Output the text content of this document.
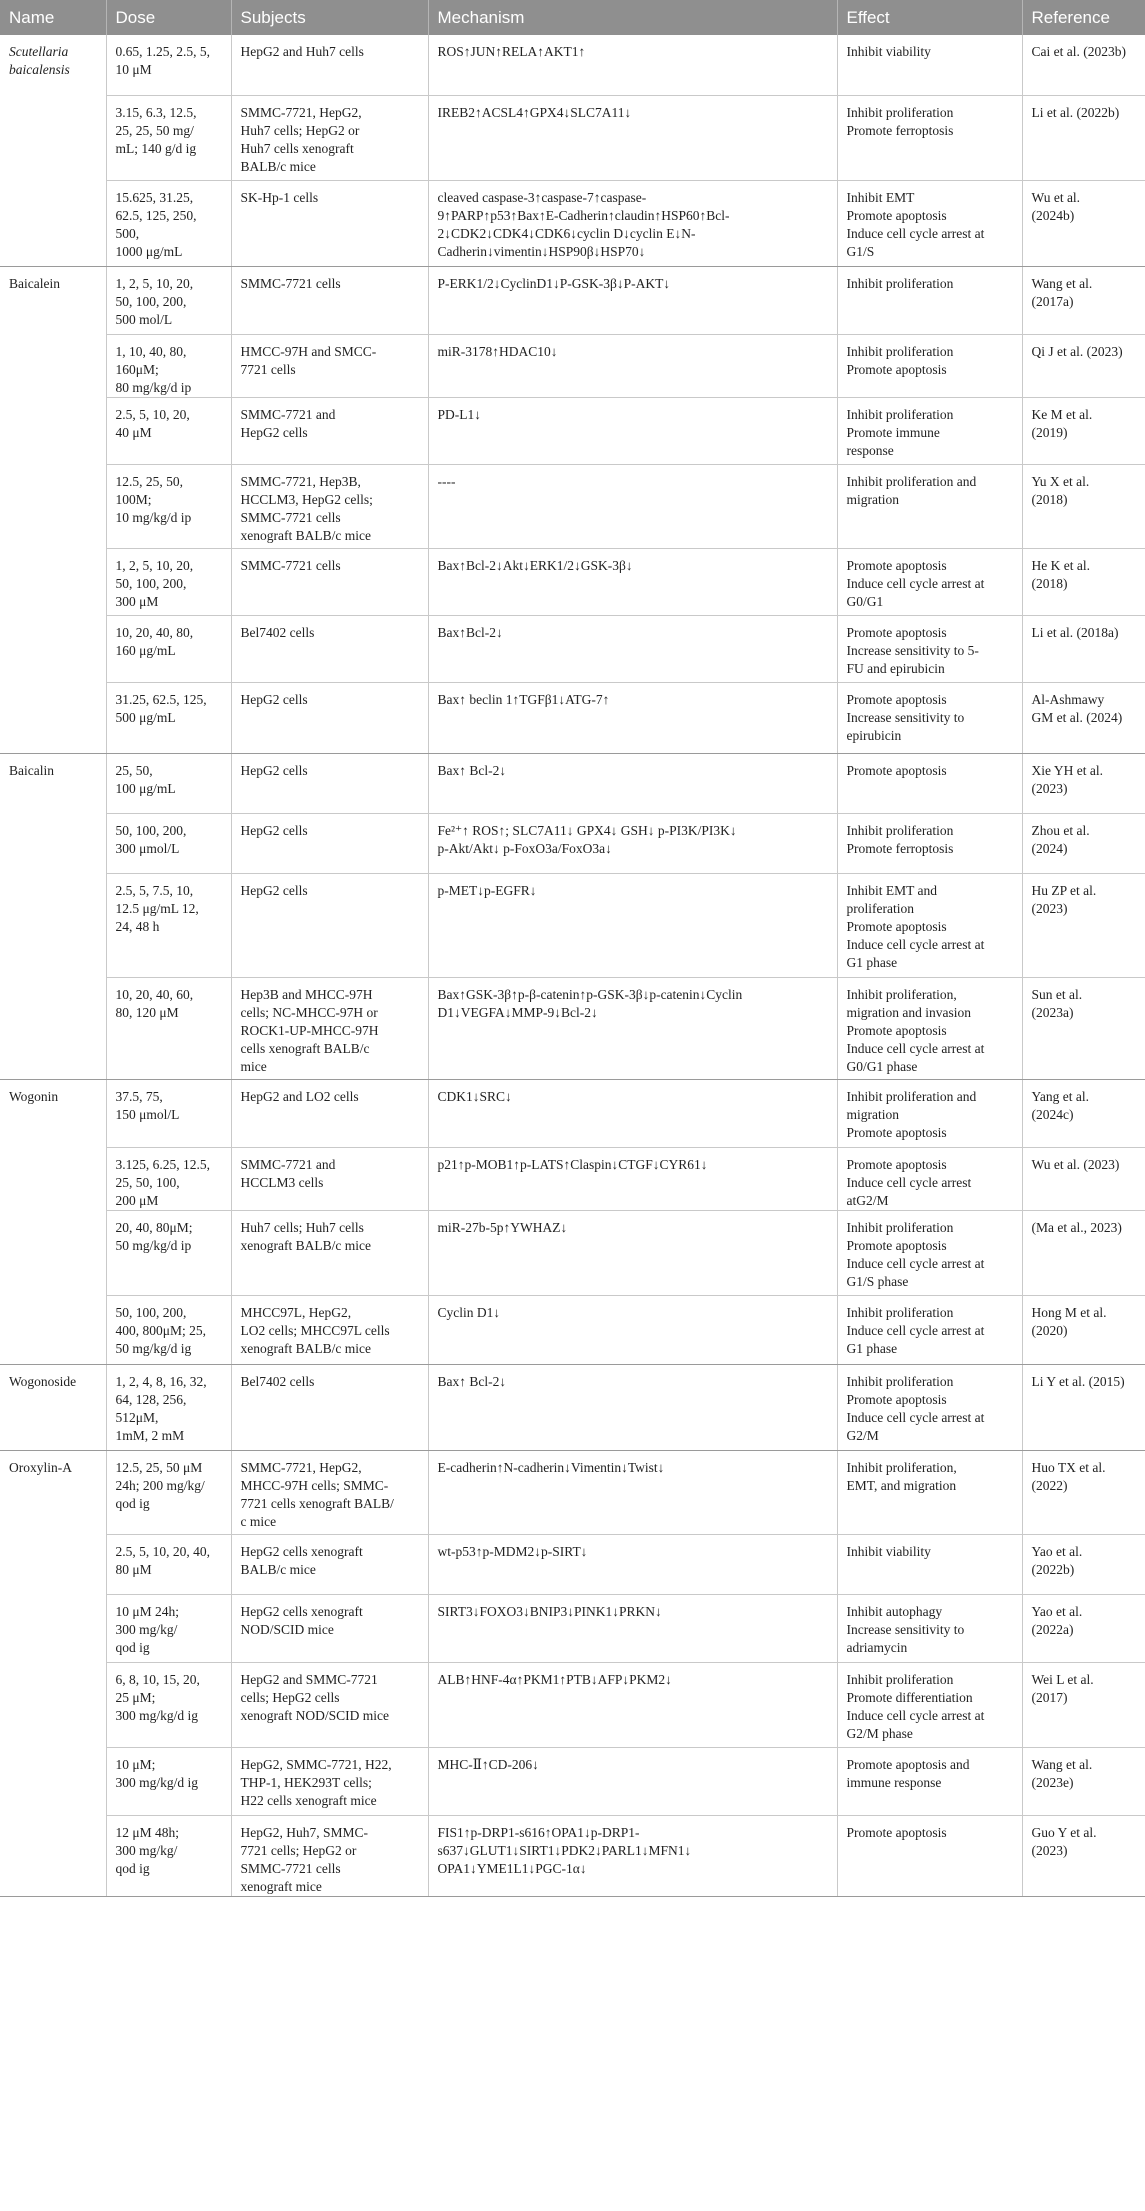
Name	Dose	Subjects	Mechanism	Effect	Reference
Scutellaria baicalensis	0.65, 1.25, 2.5, 5,
10 μM	HepG2 and Huh7 cells	ROS↑JUN↑RELA↑AKT1↑	Inhibit viability	Cai et al. (2023b)
	3.15, 6.3, 12.5,
25, 25, 50 mg/
mL; 140 g/d ig	SMMC-7721, HepG2,
Huh7 cells; HepG2 or
Huh7 cells xenograft
BALB/c mice	IREB2↑ACSL4↑GPX4↓SLC7A11↓	Inhibit proliferation
Promote ferroptosis	Li et al. (2022b)
	15.625, 31.25,
62.5, 125, 250,
500,
1000 μg/mL	SK-Hp-1 cells	cleaved caspase-3↑caspase-7↑caspase-
9↑PARP↑p53↑Bax↑E-Cadherin↑claudin↑HSP60↑Bcl-
2↓CDK2↓CDK4↓CDK6↓cyclin D↓cyclin E↓N-
Cadherin↓vimentin↓HSP90β↓HSP70↓	Inhibit EMT
Promote apoptosis
Induce cell cycle arrest at
G1/S	Wu et al.
(2024b)
Baicalein	1, 2, 5, 10, 20,
50, 100, 200,
500 mol/L	SMMC-7721 cells	P-ERK1/2↓CyclinD1↓P-GSK-3β↓P-AKT↓	Inhibit proliferation	Wang et al.
(2017a)
	1, 10, 40, 80,
160μM;
80 mg/kg/d ip	HMCC-97H and SMCC-
7721 cells	miR-3178↑HDAC10↓	Inhibit proliferation
Promote apoptosis	Qi J et al. (2023)
	2.5, 5, 10, 20,
40 μM	SMMC-7721 and
HepG2 cells	PD-L1↓	Inhibit proliferation
Promote immune
response	Ke M et al.
(2019)
	12.5, 25, 50,
100M;
10 mg/kg/d ip	SMMC-7721, Hep3B,
HCCLM3, HepG2 cells;
SMMC-7721 cells
xenograft BALB/c mice	----	Inhibit proliferation and
migration	Yu X et al.
(2018)
	1, 2, 5, 10, 20,
50, 100, 200,
300 μM	SMMC-7721 cells	Bax↑Bcl-2↓Akt↓ERK1/2↓GSK-3β↓	Promote apoptosis
Induce cell cycle arrest at
G0/G1	He K et al.
(2018)
	10, 20, 40, 80,
160 μg/mL	Bel7402 cells	Bax↑Bcl-2↓	Promote apoptosis
Increase sensitivity to 5-
FU and epirubicin	Li et al. (2018a)
	31.25, 62.5, 125,
500 μg/mL	HepG2 cells	Bax↑ beclin 1↑TGFβ1↓ATG-7↑	Promote apoptosis
Increase sensitivity to
epirubicin	Al-Ashmawy
GM et al. (2024)
Baicalin	25, 50,
100 μg/mL	HepG2 cells	Bax↑ Bcl-2↓	Promote apoptosis	Xie YH et al.
(2023)
	50, 100, 200,
300 μmol/L	HepG2 cells	Fe²⁺↑ ROS↑; SLC7A11↓ GPX4↓ GSH↓ p-PI3K/PI3K↓
p-Akt/Akt↓ p-FoxO3a/FoxO3a↓	Inhibit proliferation
Promote ferroptosis	Zhou et al.
(2024)
	2.5, 5, 7.5, 10,
12.5 μg/mL 12,
24, 48 h	HepG2 cells	p-MET↓p-EGFR↓	Inhibit EMT and
proliferation
Promote apoptosis
Induce cell cycle arrest at
G1 phase	Hu ZP et al.
(2023)
	10, 20, 40, 60,
80, 120 μM	Hep3B and MHCC-97H
cells; NC-MHCC-97H or
ROCK1-UP-MHCC-97H
cells xenograft BALB/c
mice	Bax↑GSK-3β↑p-β-catenin↑p-GSK-3β↓p-catenin↓Cyclin
D1↓VEGFA↓MMP-9↓Bcl-2↓	Inhibit proliferation,
migration and invasion
Promote apoptosis
Induce cell cycle arrest at
G0/G1 phase	Sun et al.
(2023a)
Wogonin	37.5, 75,
150 μmol/L	HepG2 and LO2 cells	CDK1↓SRC↓	Inhibit proliferation and
migration
Promote apoptosis	Yang et al.
(2024c)
	3.125, 6.25, 12.5,
25, 50, 100,
200 μM	SMMC-7721 and
HCCLM3 cells	p21↑p-MOB1↑p-LATS↑Claspin↓CTGF↓CYR61↓	Promote apoptosis
Induce cell cycle arrest
atG2/M	Wu et al. (2023)
	20, 40, 80μM;
50 mg/kg/d ip	Huh7 cells; Huh7 cells
xenograft BALB/c mice	miR-27b-5p↑YWHAZ↓	Inhibit proliferation
Promote apoptosis
Induce cell cycle arrest at
G1/S phase	(Ma et al., 2023)
	50, 100, 200,
400, 800μM; 25,
50 mg/kg/d ig	MHCC97L, HepG2,
LO2 cells; MHCC97L cells
xenograft BALB/c mice	Cyclin D1↓	Inhibit proliferation
Induce cell cycle arrest at
G1 phase	Hong M et al.
(2020)
Wogonoside	1, 2, 4, 8, 16, 32,
64, 128, 256,
512μM,
1mM, 2 mM	Bel7402 cells	Bax↑ Bcl-2↓	Inhibit proliferation
Promote apoptosis
Induce cell cycle arrest at
G2/M	Li Y et al. (2015)
Oroxylin-A	12.5, 25, 50 μM
24h; 200 mg/kg/
qod ig	SMMC-7721, HepG2,
MHCC-97H cells; SMMC-
7721 cells xenograft BALB/
c mice	E-cadherin↑N-cadherin↓Vimentin↓Twist↓	Inhibit proliferation,
EMT, and migration	Huo TX et al.
(2022)
	2.5, 5, 10, 20, 40,
80 μM	HepG2 cells xenograft
BALB/c mice	wt-p53↑p-MDM2↓p-SIRT↓	Inhibit viability	Yao et al.
(2022b)
	10 μM 24h;
300 mg/kg/
qod ig	HepG2 cells xenograft
NOD/SCID mice	SIRT3↓FOXO3↓BNIP3↓PINK1↓PRKN↓	Inhibit autophagy
Increase sensitivity to
adriamycin	Yao et al.
(2022a)
	6, 8, 10, 15, 20,
25 μM;
300 mg/kg/d ig	HepG2 and SMMC-7721
cells; HepG2 cells
xenograft NOD/SCID mice	ALB↑HNF-4α↑PKM1↑PTB↓AFP↓PKM2↓	Inhibit proliferation
Promote differentiation
Induce cell cycle arrest at
G2/M phase	Wei L et al.
(2017)
	10 μM;
300 mg/kg/d ig	HepG2, SMMC-7721, H22,
THP-1, HEK293T cells;
H22 cells xenograft mice	MHC-Ⅱ↑CD-206↓	Promote apoptosis and
immune response	Wang et al.
(2023e)
	12 μM 48h;
300 mg/kg/
qod ig	HepG2, Huh7, SMMC-
7721 cells; HepG2 or
SMMC-7721 cells
xenograft mice	FIS1↑p-DRP1-s616↑OPA1↓p-DRP1-
s637↓GLUT1↓SIRT1↓PDK2↓PARL1↓MFN1↓
OPA1↓YME1L1↓PGC-1α↓	Promote apoptosis	Guo Y et al.
(2023)
